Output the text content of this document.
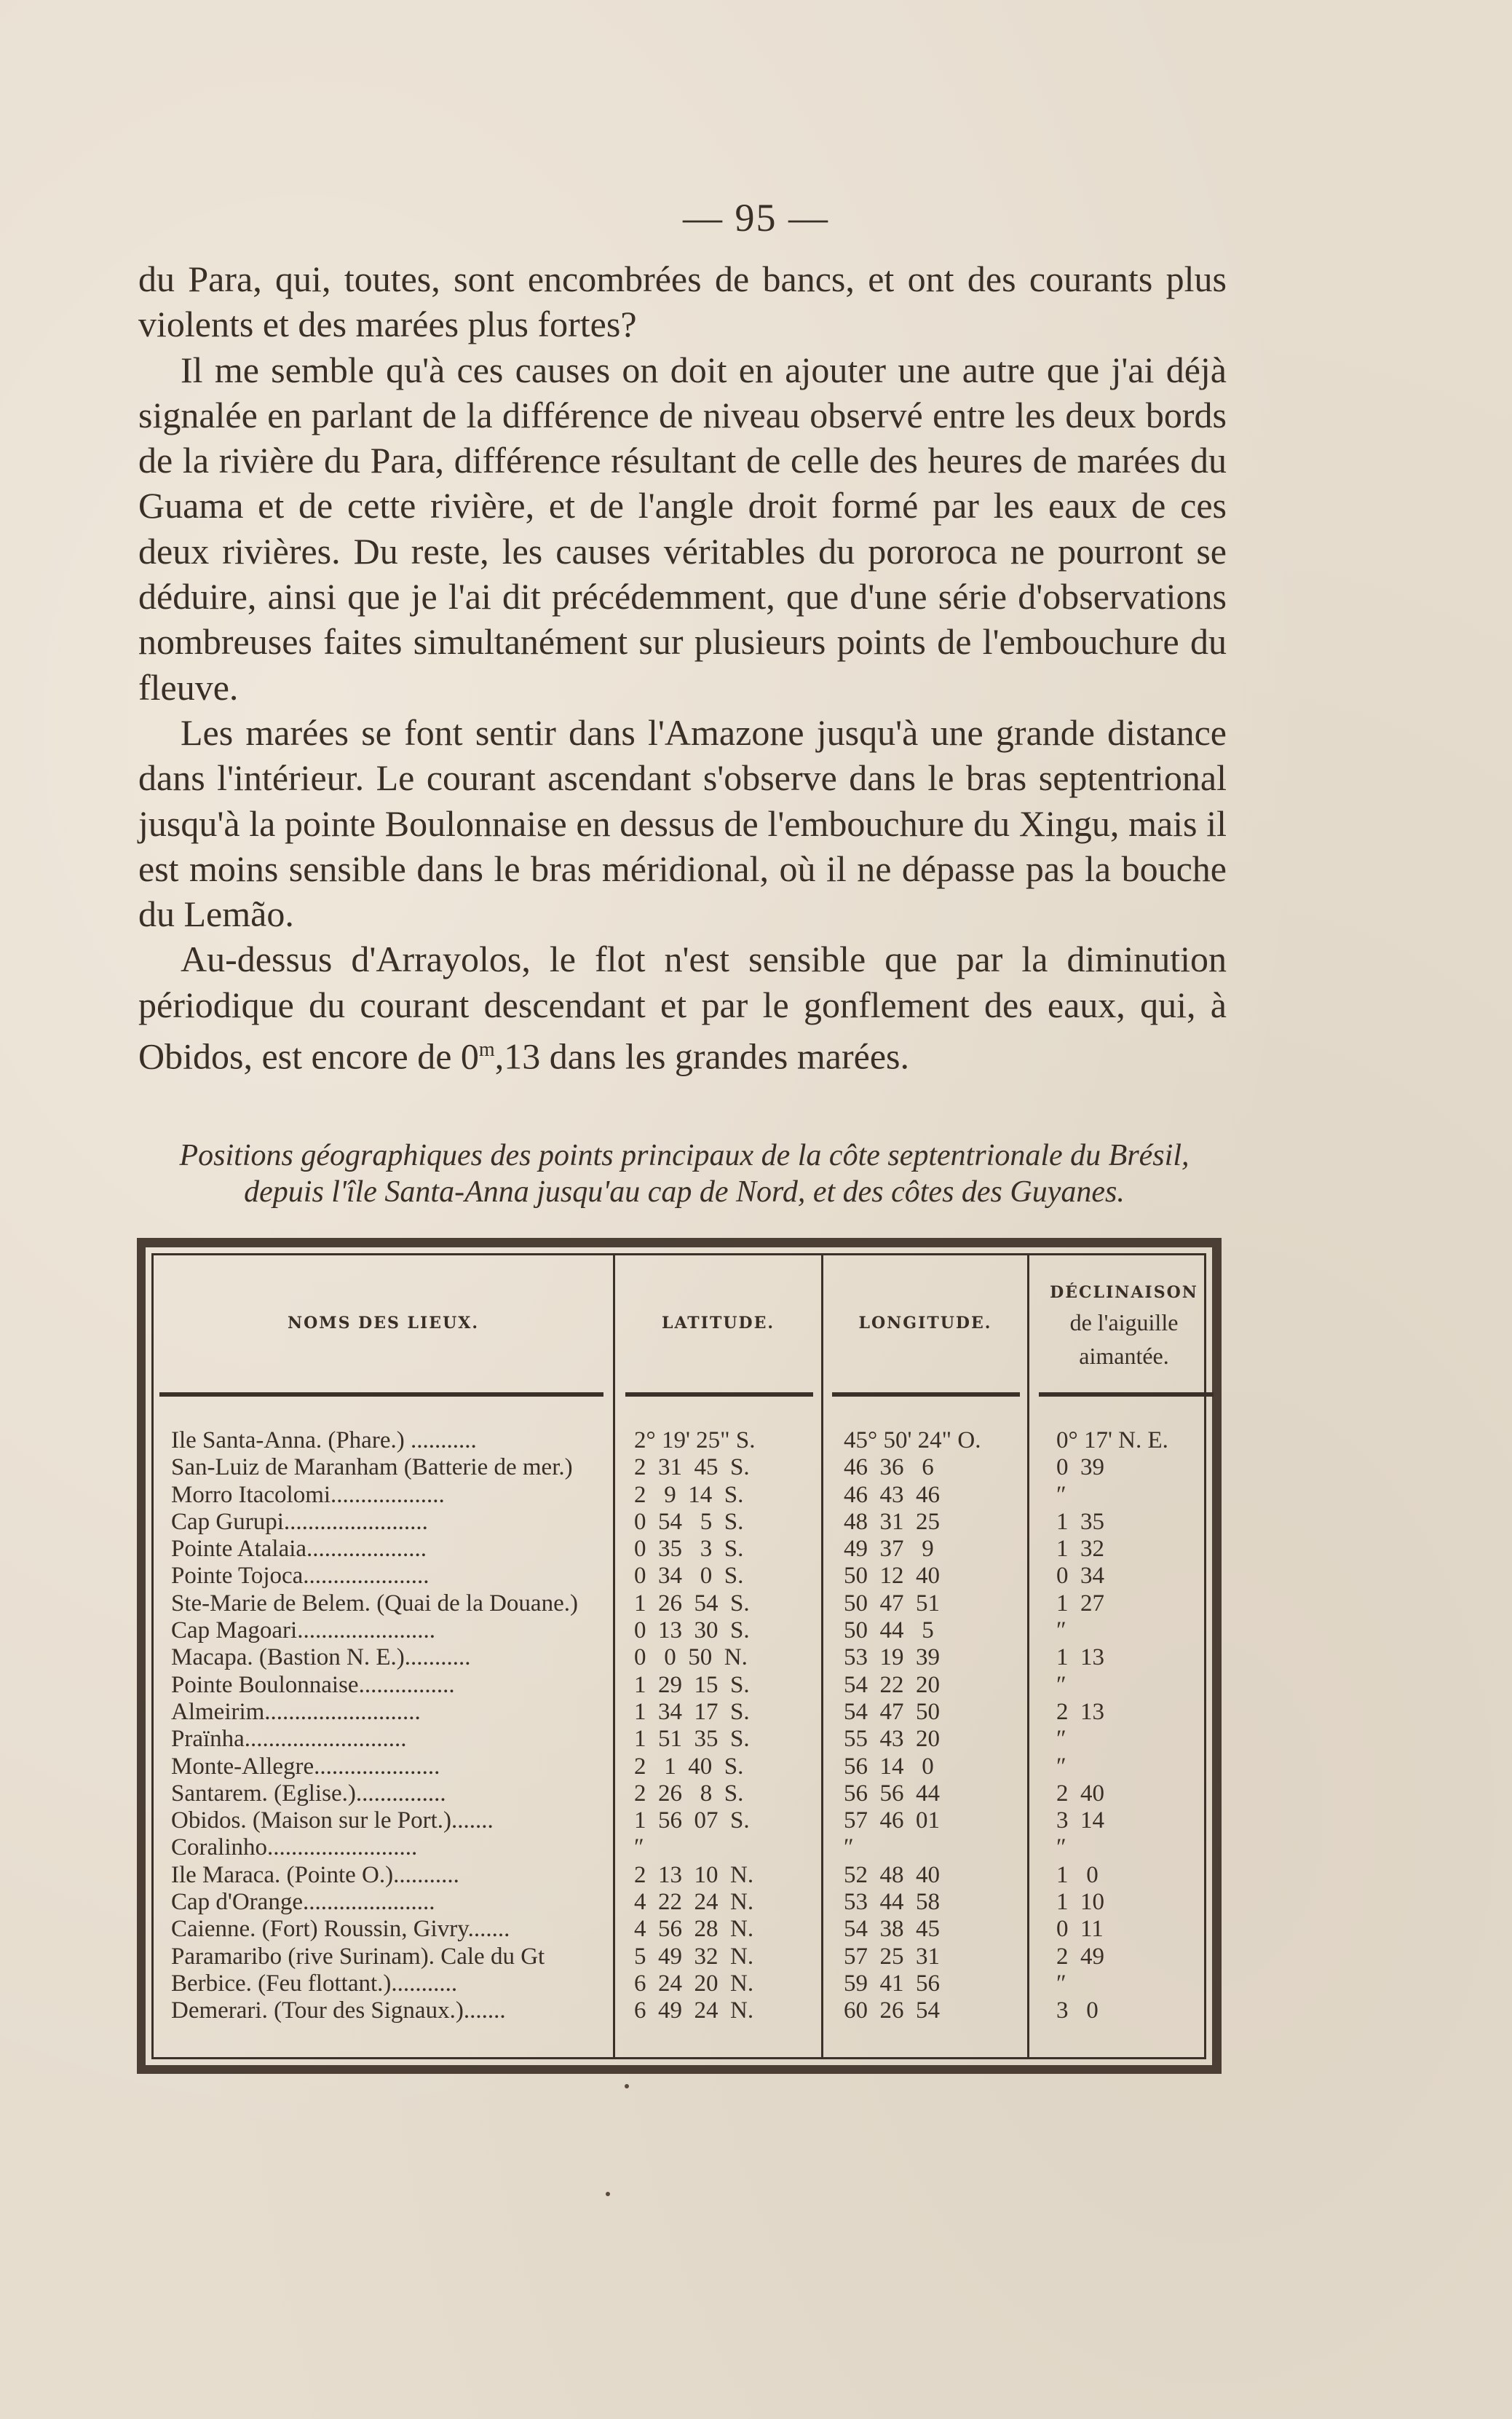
— 95 —

du Para, qui, toutes, sont encombrées de bancs, et ont des courants plus violents et des marées plus fortes?

Il me semble qu'à ces causes on doit en ajouter une autre que j'ai déjà signalée en parlant de la différence de niveau observé entre les deux bords de la rivière du Para, différence résultant de celle des heures de marées du Guama et de cette rivière, et de l'angle droit formé par les eaux de ces deux rivières. Du reste, les causes véritables du pororoca ne pourront se déduire, ainsi que je l'ai dit précédemment, que d'une série d'observations nombreuses faites simultanément sur plusieurs points de l'embouchure du fleuve.

Les marées se font sentir dans l'Amazone jusqu'à une grande distance dans l'intérieur. Le courant ascendant s'observe dans le bras septentrional jusqu'à la pointe Boulonnaise en dessus de l'embouchure du Xingu, mais il est moins sensible dans le bras méridional, où il ne dépasse pas la bouche du Lemão.

Au-dessus d'Arrayolos, le flot n'est sensible que par la diminution périodique du courant descendant et par le gonflement des eaux, qui, à Obidos, est encore de 0$^m$,13 dans les grandes marées.

Positions géographiques des points principaux de la côte septentrionale du Brésil,
depuis l'île Santa-Anna jusqu'au cap de Nord, et des côtes des Guyanes.
NOMS DES LIEUX.	LATITUDE.	LONGITUDE.
DÉCLINAISON
de l'aiguille
aimantée.
Ile Santa-Anna. (Phare.) ...........	2° 19' 25" S.	45° 50' 24" O.	0° 17' N. E.
San-Luiz de Maranham (Batterie de mer.)	2  31  45  S.	46  36   6	0  39
Morro Itacolomi...................	2   9  14  S.	46  43  46	″
Cap Gurupi........................	0  54   5  S.	48  31  25	1  35
Pointe Atalaia....................	0  35   3  S.	49  37   9	1  32
Pointe Tojoca.....................	0  34   0  S.	50  12  40	0  34
Ste-Marie de Belem. (Quai de la Douane.)	1  26  54  S.	50  47  51	1  27
Cap Magoari.......................	0  13  30  S.	50  44   5	″
Macapa. (Bastion N. E.)...........	0   0  50  N.	53  19  39	1  13
Pointe Boulonnaise................	1  29  15  S.	54  22  20	″
Almeirim..........................	1  34  17  S.	54  47  50	2  13
Praïnha...........................	1  51  35  S.	55  43  20	″
Monte-Allegre.....................	2   1  40  S.	56  14   0	″
Santarem. (Eglise.)...............	2  26   8  S.	56  56  44	2  40
Obidos. (Maison sur le Port.).......	1  56  07  S.	57  46  01	3  14
Coralinho.........................	″	″	″
Ile Maraca. (Pointe O.)...........	2  13  10  N.	52  48  40	1   0
Cap d'Orange......................	4  22  24  N.	53  44  58	1  10
Caienne. (Fort) Roussin, Givry.......	4  56  28  N.	54  38  45	0  11
Paramaribo (rive Surinam). Cale du Gt	5  49  32  N.	57  25  31	2  49
Berbice. (Feu flottant.)...........	6  24  20  N.	59  41  56	″
Demerari. (Tour des Signaux.).......	6  49  24  N.	60  26  54	3   0
